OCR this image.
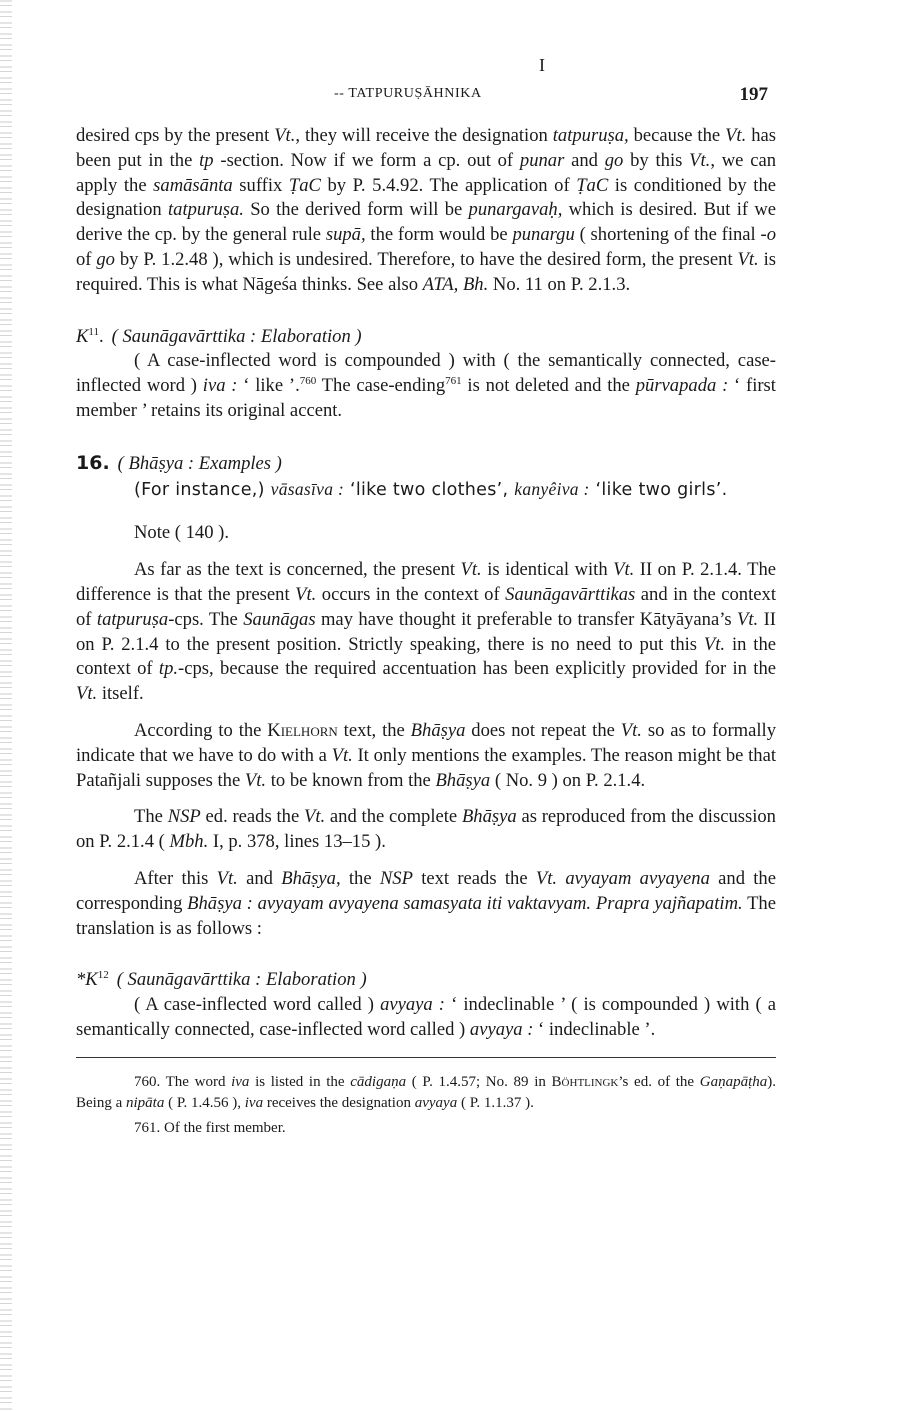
I
-- TATPURUṢĀHNIKA	197

desired cps by the present Vt., they will receive the designation tatpuruṣa, because the Vt. has been put in the tp -section. Now if we form a cp. out of punar and go by this Vt., we can apply the samāsānta suffix ṬaC by P. 5.4.92. The application of ṬaC is conditioned by the designation tatpuruṣa. So the derived form will be punargavaḥ, which is desired. But if we derive the cp. by the general rule supā, the form would be punargu ( shortening of the final -o of go by P. 1.2.48 ), which is undesired. Therefore, to have the desired form, the present Vt. is required. This is what Nāgeśa thinks. See also ATA, Bh. No. 11 on P. 2.1.3.

$K^{11}$. ( Saunāgavārttika : Elaboration )

( A case-inflected word is compounded ) with ( the semantically connected, case-inflected word ) iva : ‘ like ’.$^{760}$ The case-ending$^{761}$ is not deleted and the pūrvapada : ‘ first member ’ retains its original accent.

16. ( Bhāṣya : Examples )

(For instance,) vāsasīva : ‘like two clothes’, kanyêiva : ‘like two girls’.

Note ( 140 ).

As far as the text is concerned, the present Vt. is identical with Vt. II on P. 2.1.4. The difference is that the present Vt. occurs in the context of Saunāgavārttikas and in the context of tatpuruṣa-cps. The Saunāgas may have thought it preferable to transfer Kātyāyana’s Vt. II on P. 2.1.4 to the present position. Strictly speaking, there is no need to put this Vt. in the context of tp.-cps, because the required accentuation has been explicitly provided for in the Vt. itself.

According to the Kielhorn text, the Bhāṣya does not repeat the Vt. so as to formally indicate that we have to do with a Vt. It only mentions the examples. The reason might be that Patañjali supposes the Vt. to be known from the Bhāṣya ( No. 9 ) on P. 2.1.4.

The NSP ed. reads the Vt. and the complete Bhāṣya as reproduced from the discussion on P. 2.1.4 ( Mbh. I, p. 378, lines 13–15 ).

After this Vt. and Bhāṣya, the NSP text reads the Vt. avyayam avyayena and the corresponding Bhāṣya : avyayam avyayena samasyata iti vaktavyam. Prapra yajñapatim. The translation is as follows :

$*K^{12}$ ( Saunāgavārttika : Elaboration )

( A case-inflected word called ) avyaya : ‘ indeclinable ’ ( is compounded ) with ( a semantically connected, case-inflected word called ) avyaya : ‘ indeclinable ’.

760. The word iva is listed in the cādigaṇa ( P. 1.4.57; No. 89 in Böhtlingk’s ed. of the Gaṇapāṭha). Being a nipāta ( P. 1.4.56 ), iva receives the designation avyaya ( P. 1.1.37 ).

761. Of the first member.
